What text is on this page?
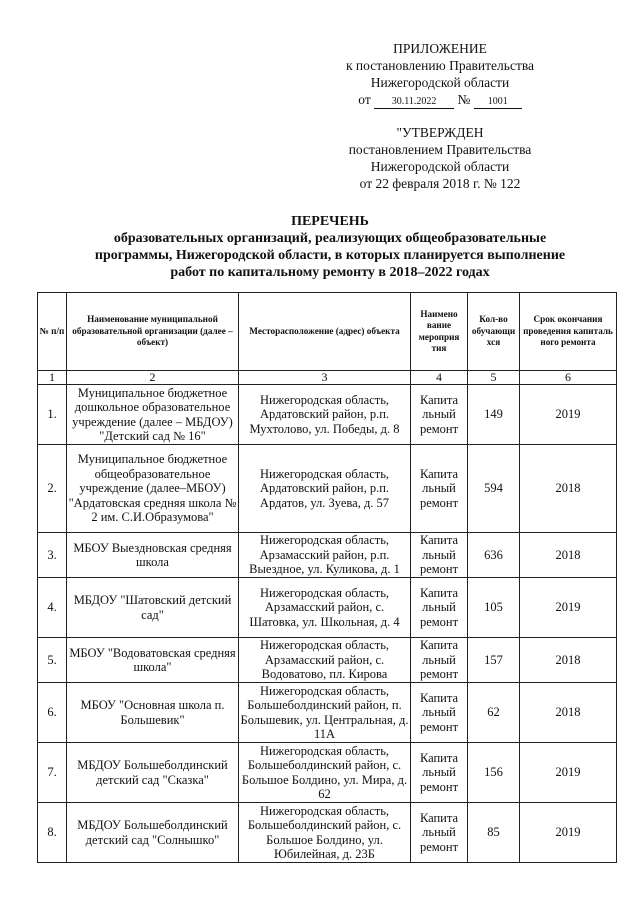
ПРИЛОЖЕНИЕ
к постановлению Правительства
Нижегородской области
от 30.11.2022 № 1001
"УТВЕРЖДЕН
постановлением Правительства
Нижегородской области
от 22 февраля 2018 г. № 122
ПЕРЕЧЕНЬ
образовательных организаций, реализующих общеобразовательные
программы, Нижегородской области, в которых планируется выполнение
работ по капитальному ремонту в 2018–2022 годах
№ п/п	Наименование муниципальной образовательной организации (далее – объект)	Месторасположение (адрес) объекта	Наимено вание мероприя тия	Кол-во обучающи хся	Срок окончания проведения капиталь ного ремонта
1	2	3	4	5	6
1.	Муниципальное бюджетное дошкольное образовательное учреждение (далее – МБДОУ) "Детский сад № 16"	Нижегородская область, Ардатовский район, р.п. Мухтолово, ул. Победы, д. 8	Капита льный ремонт	149	2019
2.	Муниципальное бюджетное общеобразовательное учреждение (далее–МБОУ) "Ардатовская средняя школа № 2 им. С.И.Образумова"	Нижегородская область, Ардатовский район, р.п. Ардатов, ул. Зуева, д. 57	Капита льный ремонт	594	2018
3.	МБОУ Выездновская средняя школа	Нижегородская область, Арзамасский район, р.п. Выездное, ул. Куликова, д. 1	Капита льный ремонт	636	2018
4.	МБДОУ "Шатовский детский сад"	Нижегородская область, Арзамасский район, с. Шатовка, ул. Школьная, д. 4	Капита льный ремонт	105	2019
5.	МБОУ "Водоватовская средняя школа"	Нижегородская область, Арзамасский район, с. Водоватово, пл. Кирова	Капита льный ремонт	157	2018
6.	МБОУ "Основная школа п. Большевик"	Нижегородская область, Большеболдинский район, п. Большевик, ул. Центральная, д. 11А	Капита льный ремонт	62	2018
7.	МБДОУ Большеболдинский детский сад "Сказка"	Нижегородская область, Большеболдинский район, с. Большое Болдино, ул. Мира, д. 62	Капита льный ремонт	156	2019
8.	МБДОУ Большеболдинский детский сад "Солнышко"	Нижегородская область, Большеболдинский район, с. Большое Болдино, ул. Юбилейная, д. 23Б	Капита льный ремонт	85	2019
